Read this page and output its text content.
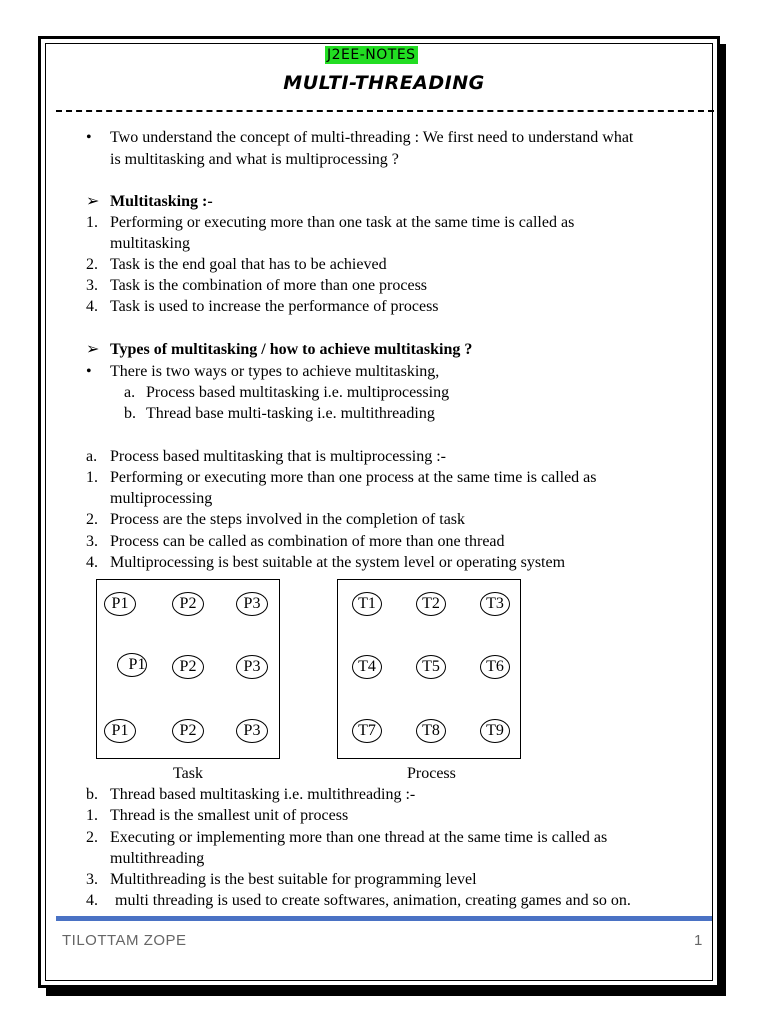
J2EE-NOTES
MULTI-THREADING
• Two understand the concept of multi-threading : We first need to understand what
is multitasking and what is multiprocessing ?
➢ Multitasking :-
1. Performing or executing more than one task at the same time is called as
multitasking
2. Task is the end goal that has to be achieved
3. Task is the combination of more than one process
4. Task is used to increase the performance of process
➢ Types of multitasking / how to achieve multitasking ?
• There is two ways or types to achieve multitasking,
a. Process based multitasking i.e. multiprocessing
b. Thread base multi-tasking i.e. multithreading
a. Process based multitasking that is multiprocessing :-
1. Performing or executing more than one process at the same time is called as
multiprocessing
2. Process are the steps involved in the completion of task
3. Process can be called as combination of more than one thread
4. Multiprocessing is best suitable at the system level or operating system
P1	P2	P3
P1	P2	P3
P1	P2	P3
T1	T2	T3
T4	T5	T6
T7	T8	T9
Task	Process
b. Thread based multitasking i.e. multithreading :-
1. Thread is the smallest unit of process
2. Executing or implementing more than one thread at the same time is called as
multithreading
3. Multithreading is the best suitable for programming level
4. multi threading is used to create softwares, animation, creating games and so on.
TILOTTAM ZOPE	1
